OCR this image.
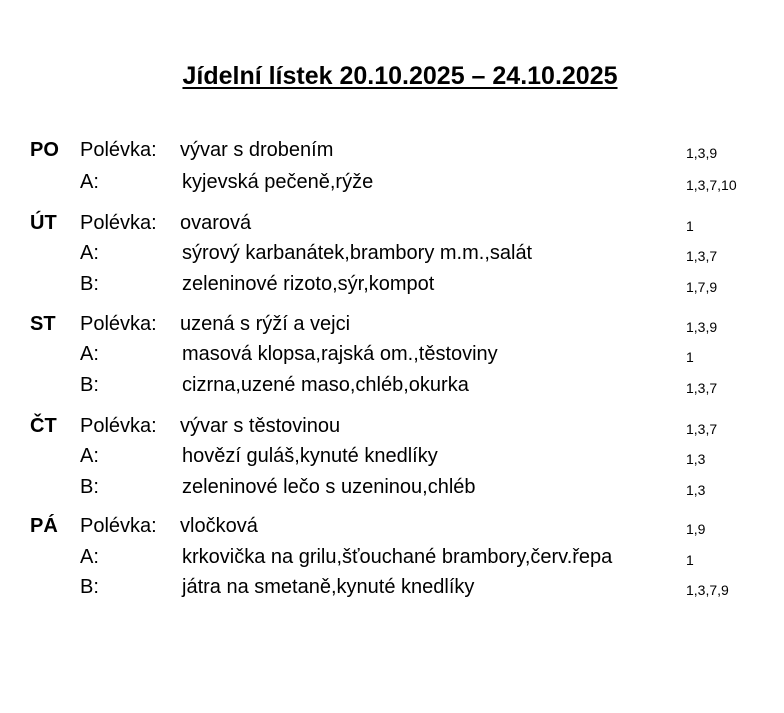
Jídelní lístek 20.10.2025 – 24.10.2025
PO Polévka: vývar s drobením	1,3,9
A:	kyjevská pečeně,rýže	1,3,7,10
ÚT Polévka: ovarová	1
A:	sýrový karbanátek,brambory m.m.,salát	1,3,7
B:	zeleninové rizoto,sýr,kompot	1,7,9
ST Polévka: uzená s rýží a vejci	1,3,9
A:	masová klopsa,rajská om.,těstoviny	1
B:	cizrna,uzené maso,chléb,okurka	1,3,7
ČT Polévka: vývar s těstovinou	1,3,7
A:	hovězí guláš,kynuté knedlíky	1,3
B:	zeleninové lečo s uzeninou,chléb	1,3
PÁ Polévka: vločková	1,9
A:	krkovička na grilu,šťouchané brambory,červ.řepa	1
B:	játra na smetaně,kynuté knedlíky	1,3,7,9
